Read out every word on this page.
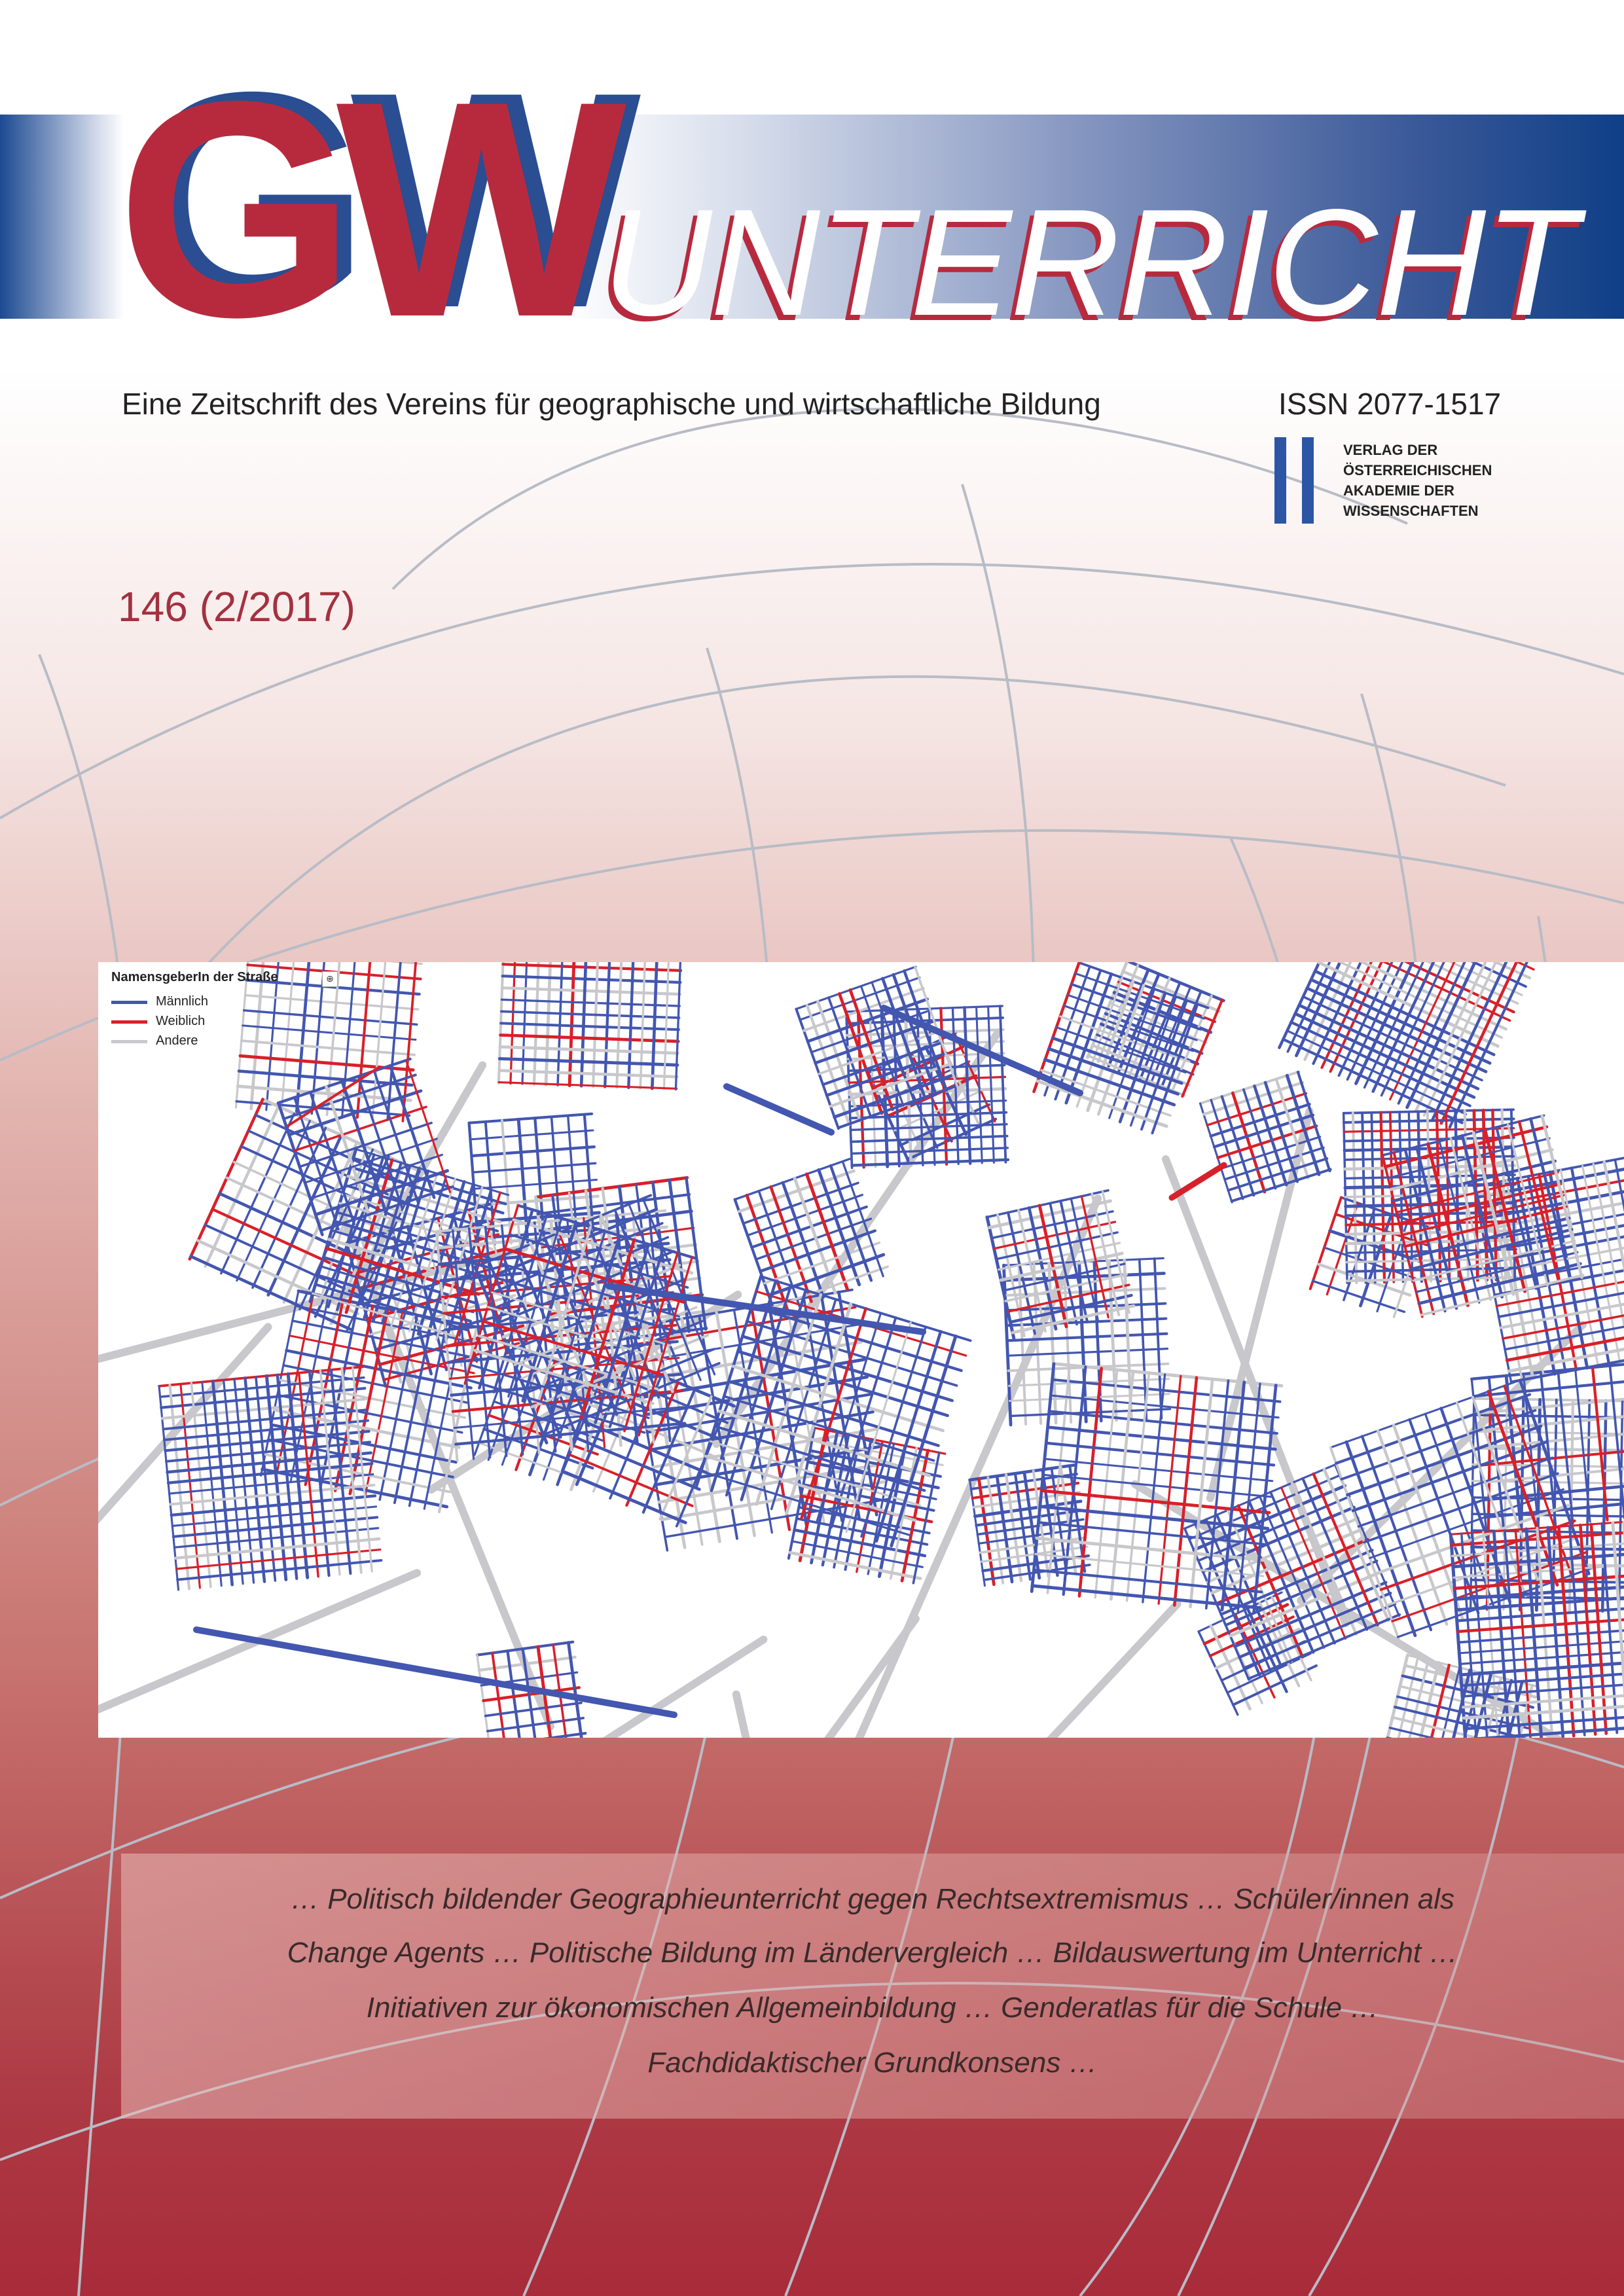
GW
UNTERRICHT
Eine Zeitschrift des Vereins für geographische und wirtschaftliche Bildung	ISSN 2077-1517
VERLAG DER
ÖSTERREICHISCHEN
AKADEMIE DER
WISSENSCHAFTEN
146 (2/2017)
NamensgeberIn der Straße	⊕
Männlich
Weiblich
Andere
… Politisch bildender Geographieunterricht gegen Rechtsextremismus … Schüler/innen als
Change Agents … Politische Bildung im Ländervergleich … Bildauswertung im Unterricht …
Initiativen zur ökonomischen Allgemeinbildung … Genderatlas für die Schule …
Fachdidaktischer Grundkonsens …
